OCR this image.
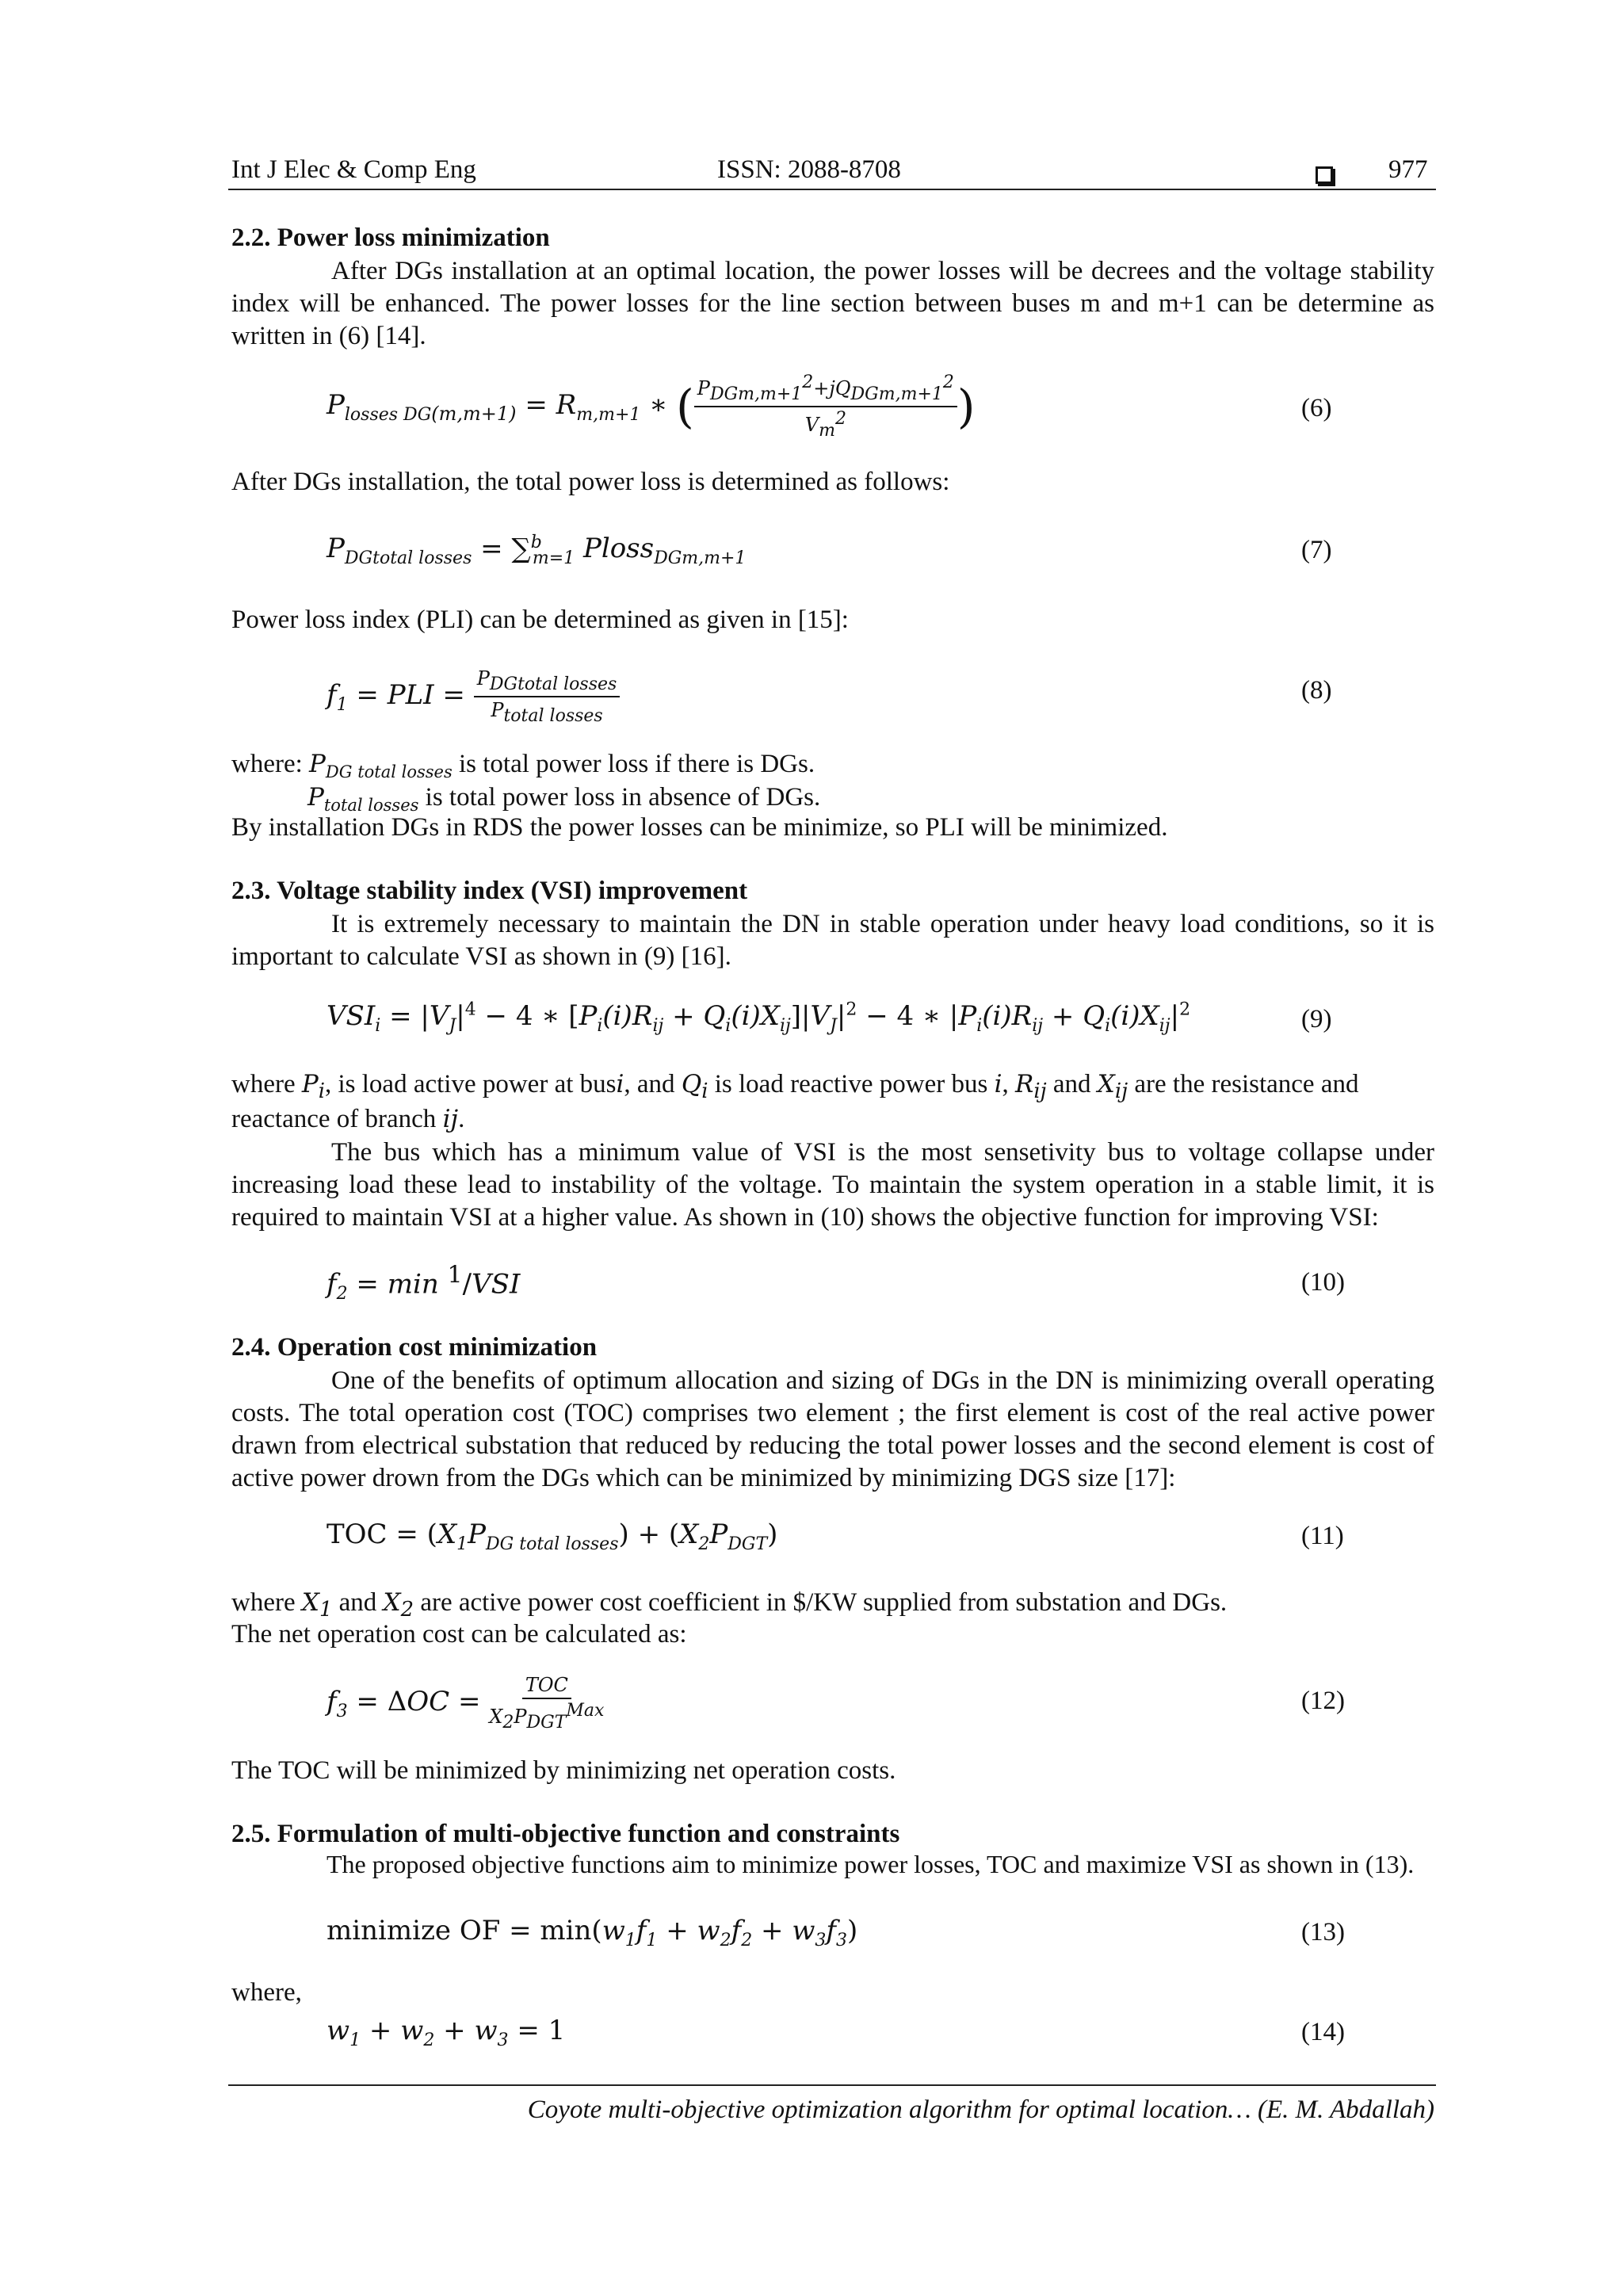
Int J Elec & Comp Eng	ISSN: 2088-8708	977
2.2. Power loss minimization

After DGs installation at an optimal location, the power losses will be decrees and the voltage stability index will be enhanced. The power losses for the line section between buses m and m+1 can be determine as written in (6) [14].

$P_{losses DG(m,m+1)} = R_{m,m+1}$ ∗ ( $\frac{P_{DGm,m+1}^2+jQ_{DGm,m+1}^2}{V_m^2}$ )	(6)
After DGs installation, the total power loss is determined as follows:
$P_{DGtotal losses} = \sum^b_{m=1}$ Ploss$_{DGm,m+1}$	(7)
Power loss index (PLI) can be determined as given in [15]:
$f_1$ = PLI = $\frac{P_{DGtotal losses}}{P_{total losses}}$	(8)
where: $P_{DG total losses}$ is total power loss if there is DGs.
$P_{total losses}$ is total power loss in absence of DGs.
By installation DGs in RDS the power losses can be minimize, so PLI will be minimized.
2.3. Voltage stability index (VSI) improvement

It is extremely necessary to maintain the DN in stable operation under heavy load conditions, so it is important to calculate VSI as shown in (9) [16].

$VSI_i = |V_J|^4 - 4$ ∗ $[P_i(i)R_{ij} + Q_i(i)X_{ij}]|V_J|^2 - 4$ ∗ $|P_i(i)R_{ij} + Q_i(i)X_{ij}|^2$	(9)
where $P_i$, is load active power at busi, and $Q_i$ is load reactive power bus i, $R_{ij}$ and $X_{ij}$ are the resistance and
reactance of branch ij.

The bus which has a minimum value of VSI is the most sensetivity bus to voltage collapse under increasing load these lead to instability of the voltage. To maintain the system operation in a stable limit, it is required to maintain VSI at a higher value. As shown in (10) shows the objective function for improving VSI:

$f_2 = \min ^1/VSI$	(10)
2.4. Operation cost minimization

One of the benefits of optimum allocation and sizing of DGs in the DN is minimizing overall operating costs. The total operation cost (TOC) comprises two element ; the first element is cost of the real active power drawn from electrical substation that reduced by reducing the total power losses and the second element is cost of active power drown from the DGs which can be minimized by minimizing DGS size [17]:

TOC = $(X_1P_{DG total losses}) + (X_2P_{DGT})$	(11)
where $X_1$ and $X_2$ are active power cost coefficient in $/KW supplied from substation and DGs.
The net operation cost can be calculated as:
$f_3 = \Delta OC = \frac{\text{TOC}}{X_2P_{DGT}^{Max}}$	(12)
The TOC will be minimized by minimizing net operation costs.
2.5. Formulation of multi-objective function and constraints
The proposed objective functions aim to minimize power losses, TOC and maximize VSI as shown in (13).
minimize OF = $\min(w_1f_1 + w_2f_2 + w_3f_3)$	(13)
where,
$w_1 + w_2 + w_3 = 1$	(14)
Coyote multi-objective optimization algorithm for optimal location… (E. M. Abdallah)
